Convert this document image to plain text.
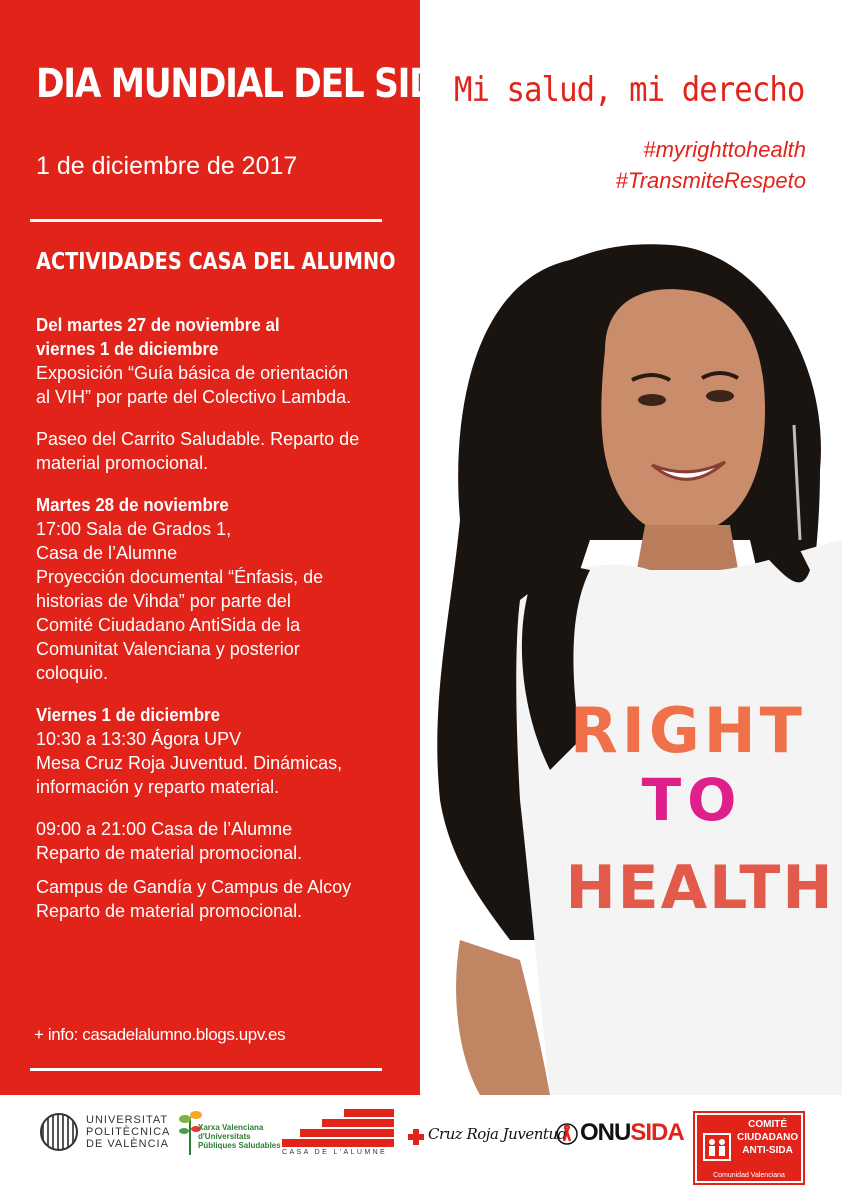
DIA MUNDIAL DEL SIDA
1 de diciembre de 2017
ACTIVIDADES CASA DEL ALUMNO
Del martes 27 de noviembre al
viernes 1 de diciembre
Exposición “Guía básica de orientación
al VIH” por parte del Colectivo Lambda.
Paseo del Carrito Saludable. Reparto de
material promocional.
Martes 28 de noviembre
17:00 Sala de Grados 1,
Casa de l’Alumne
Proyección documental “Énfasis, de
historias de Vihda” por parte del
Comité Ciudadano AntiSida de la
Comunitat Valenciana y posterior
coloquio.
Viernes 1 de diciembre
10:30 a 13:30 Ágora UPV
Mesa Cruz Roja Juventud. Dinámicas,
información y reparto material.
09:00 a 21:00 Casa de l’Alumne
Reparto de material promocional.
Campus de Gandía y Campus de Alcoy
Reparto de material promocional.
+ info: casadelalumno.blogs.upv.es
Mi salud, mi derecho
#myrighttohealth
#TransmiteRespeto
RIGHT
TO
HEALTH
UNIVERSITAT
POLITÈCNICA
DE VALÈNCIA
Xarxa Valenciana
d'Universitats
Públiques Saludables
CASA DE L'ALUMNE
Cruz Roja Juventud ONUSIDA	COMITÉ
CIUDADANO
ANTI-SIDA
Comunidad Valenciana
